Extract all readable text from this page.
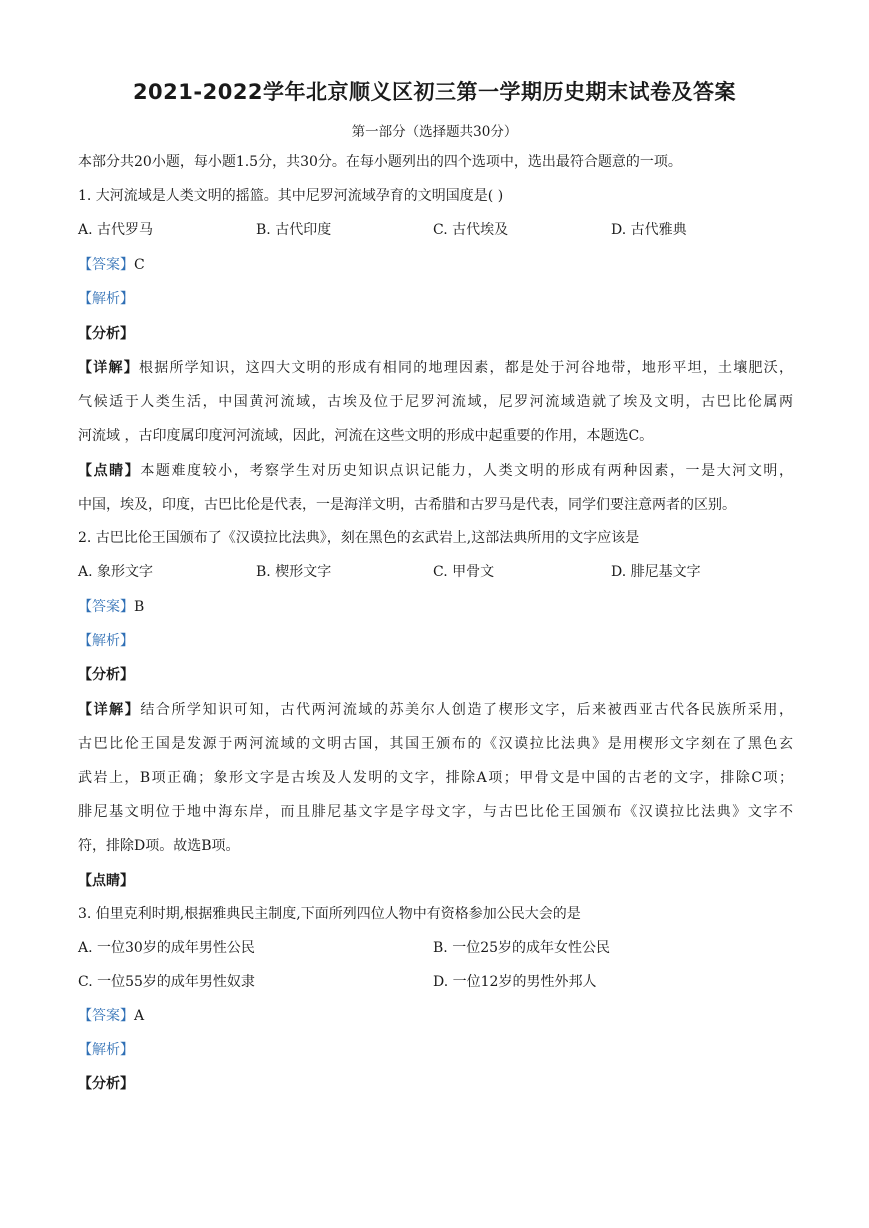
2021-2022学年北京顺义区初三第一学期历史期末试卷及答案
第一部分（选择题共30分）
本部分共20小题，每小题1.5分，共30分。在每小题列出的四个选项中，选出最符合题意的一项。
1. 大河流域是人类文明的摇篮。其中尼罗河流域孕育的文明国度是( )
A. 古代罗马	B. 古代印度	C. 古代埃及	D. 古代雅典
【答案】C
【解析】
【分析】
【详解】根据所学知识，这四大文明的形成有相同的地理因素，都是处于河谷地带，地形平坦，土壤肥沃，
气候适于人类生活，中国黄河流域，古埃及位于尼罗河流域，尼罗河流域造就了埃及文明，古巴比伦属两
河流域 ，古印度属印度河河流域，因此，河流在这些文明的形成中起重要的作用，本题选C。
【点睛】本题难度较小，考察学生对历史知识点识记能力，人类文明的形成有两种因素，一是大河文明，
中国，埃及，印度，古巴比伦是代表，一是海洋文明，古希腊和古罗马是代表，同学们要注意两者的区别。
2. 古巴比伦王国颁布了《汉谟拉比法典》，刻在黑色的玄武岩上,这部法典所用的文字应该是
A. 象形文字	B. 楔形文字	C. 甲骨文	D. 腓尼基文字
【答案】B
【解析】
【分析】
【详解】结合所学知识可知，古代两河流域的苏美尔人创造了楔形文字，后来被西亚古代各民族所采用，
古巴比伦王国是发源于两河流域的文明古国，其国王颁布的《汉谟拉比法典》是用楔形文字刻在了黑色玄
武岩上，B项正确；象形文字是古埃及人发明的文字，排除A项；甲骨文是中国的古老的文字，排除C项；
腓尼基文明位于地中海东岸，而且腓尼基文字是字母文字，与古巴比伦王国颁布《汉谟拉比法典》文字不
符，排除D项。故选B项。
【点睛】
3. 伯里克利时期,根据雅典民主制度,下面所列四位人物中有资格参加公民大会的是
A. 一位30岁的成年男性公民	B. 一位25岁的成年女性公民
C. 一位55岁的成年男性奴隶	D. 一位12岁的男性外邦人
【答案】A
【解析】
【分析】
